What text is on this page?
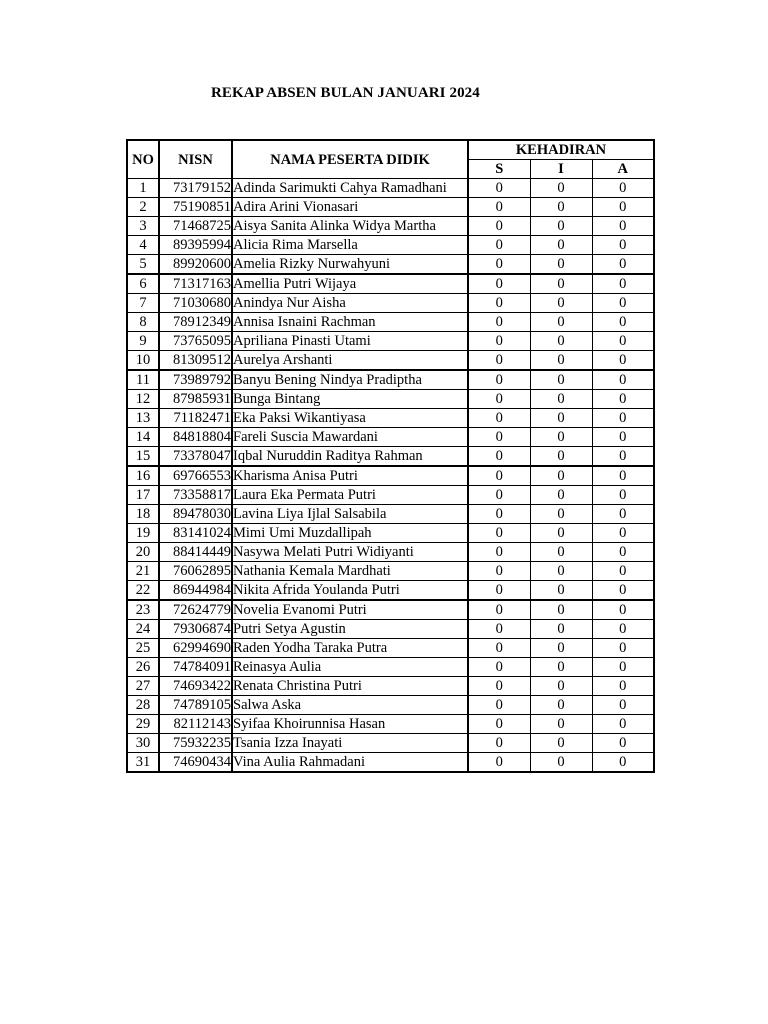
REKAP ABSEN BULAN JANUARI 2024
NO	NISN	NAMA PESERTA DIDIK	KEHADIRAN		
			S	I	A
1	73179152	Adinda Sarimukti Cahya Ramadhani	0	0	0
2	75190851	Adira Arini Vionasari	0	0	0
3	71468725	Aisya Sanita Alinka Widya Martha	0	0	0
4	89395994	Alicia Rima Marsella	0	0	0
5	89920600	Amelia Rizky Nurwahyuni	0	0	0
6	71317163	Amellia Putri Wijaya	0	0	0
7	71030680	Anindya Nur Aisha	0	0	0
8	78912349	Annisa Isnaini Rachman	0	0	0
9	73765095	Apriliana Pinasti Utami	0	0	0
10	81309512	Aurelya Arshanti	0	0	0
11	73989792	Banyu Bening Nindya Pradiptha	0	0	0
12	87985931	Bunga Bintang	0	0	0
13	71182471	Eka Paksi Wikantiyasa	0	0	0
14	84818804	Fareli Suscia Mawardani	0	0	0
15	73378047	Iqbal Nuruddin Raditya Rahman	0	0	0
16	69766553	Kharisma Anisa Putri	0	0	0
17	73358817	Laura Eka Permata Putri	0	0	0
18	89478030	Lavina Liya Ijlal Salsabila	0	0	0
19	83141024	Mimi Umi Muzdallipah	0	0	0
20	88414449	Nasywa Melati Putri Widiyanti	0	0	0
21	76062895	Nathania Kemala Mardhati	0	0	0
22	86944984	Nikita Afrida Youlanda Putri	0	0	0
23	72624779	Novelia Evanomi Putri	0	0	0
24	79306874	Putri Setya Agustin	0	0	0
25	62994690	Raden Yodha Taraka Putra	0	0	0
26	74784091	Reinasya Aulia	0	0	0
27	74693422	Renata Christina Putri	0	0	0
28	74789105	Salwa Aska	0	0	0
29	82112143	Syifaa Khoirunnisa Hasan	0	0	0
30	75932235	Tsania Izza Inayati	0	0	0
31	74690434	Vina Aulia Rahmadani	0	0	0
